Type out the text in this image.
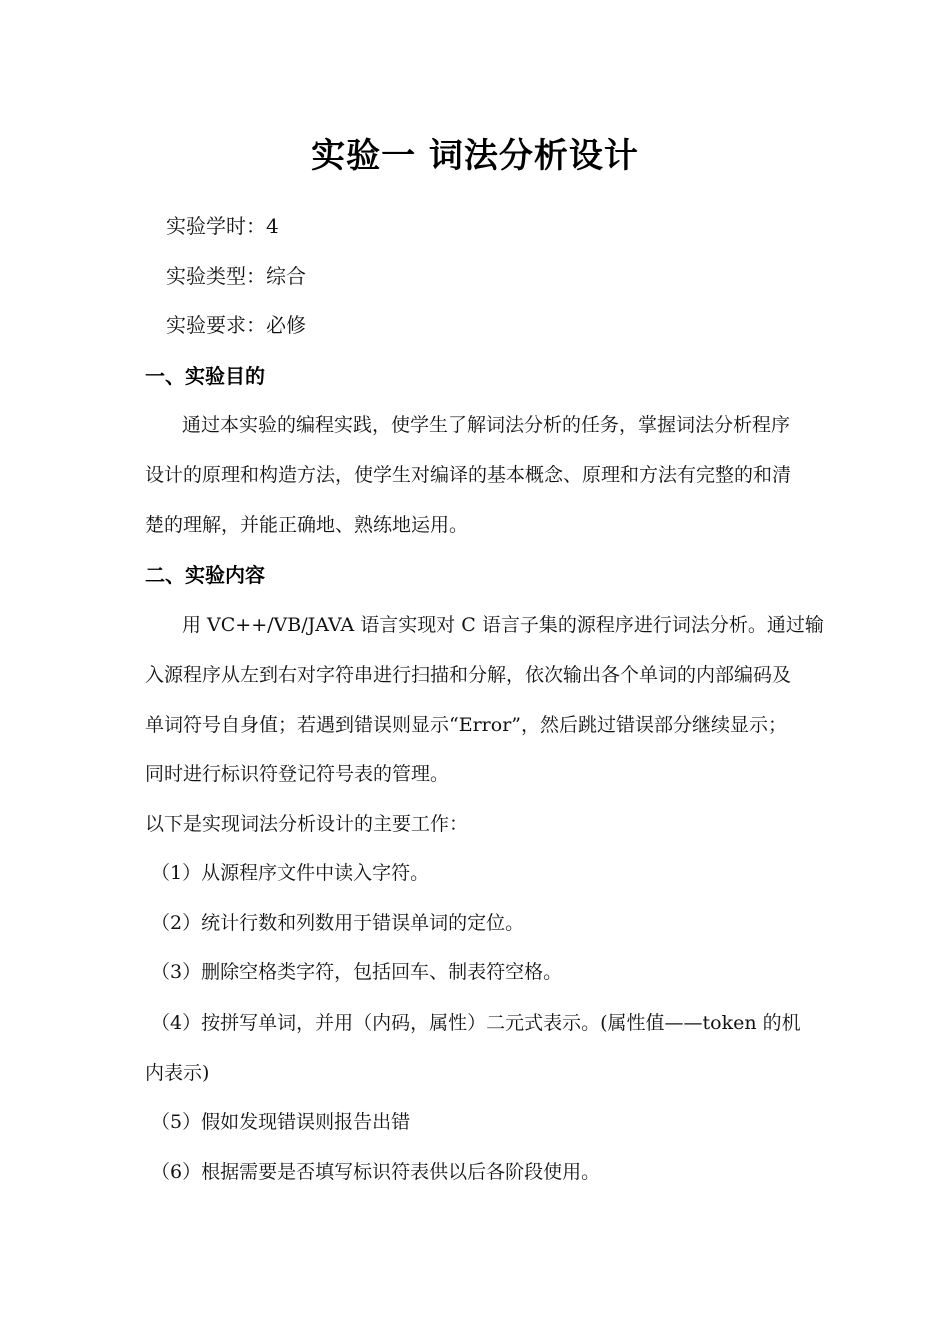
实验一 词法分析设计
实验学时：4
实验类型：综合
实验要求：必修
一、实验目的
通过本实验的编程实践，使学生了解词法分析的任务，掌握词法分析程序
设计的原理和构造方法，使学生对编译的基本概念、原理和方法有完整的和清
楚的理解，并能正确地、熟练地运用。
二、实验内容
用 VC++/VB/JAVA 语言实现对 C 语言子集的源程序进行词法分析。通过输
入源程序从左到右对字符串进行扫描和分解，依次输出各个单词的内部编码及
单词符号自身值；若遇到错误则显示“Error”，然后跳过错误部分继续显示；
同时进行标识符登记符号表的管理。
以下是实现词法分析设计的主要工作：
（1）从源程序文件中读入字符。
（2）统计行数和列数用于错误单词的定位。
（3）删除空格类字符，包括回车、制表符空格。
（4）按拼写单词，并用（内码，属性）二元式表示。(属性值——token 的机
内表示)
（5）假如发现错误则报告出错
（6）根据需要是否填写标识符表供以后各阶段使用。
